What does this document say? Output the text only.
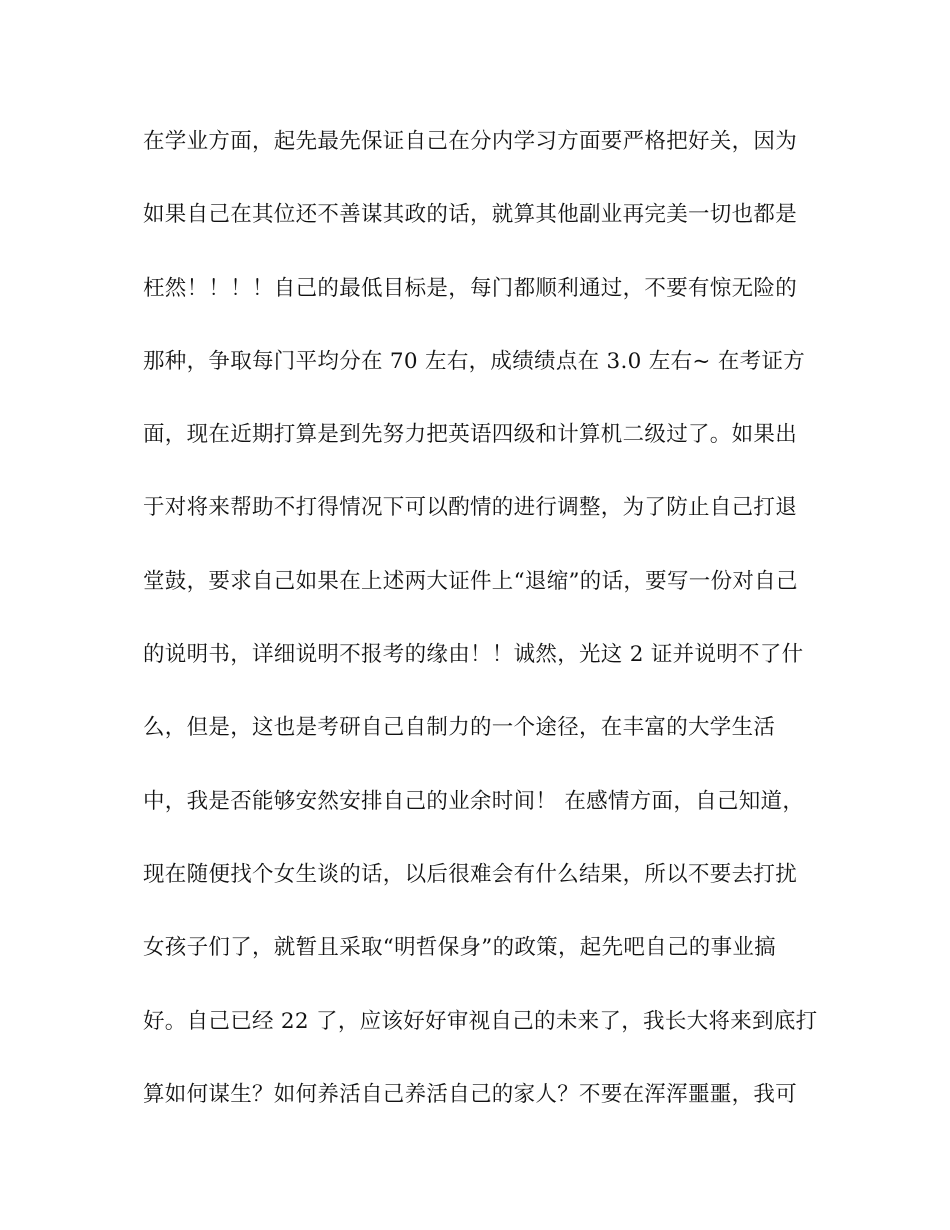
在学业方面，起先最先保证自己在分内学习方面要严格把好关，因为
如果自己在其位还不善谋其政的话，就算其他副业再完美一切也都是
枉然！！！！自己的最低目标是，每门都顺利通过，不要有惊无险的
那种，争取每门平均分在 70 左右，成绩绩点在 3.0 左右~ 在考证方
面，现在近期打算是到先努力把英语四级和计算机二级过了。如果出
于对将来帮助不打得情况下可以酌情的进行调整，为了防止自己打退
堂鼓，要求自己如果在上述两大证件上“退缩”的话，要写一份对自己
的说明书，详细说明不报考的缘由！！诚然，光这 2 证并说明不了什
么，但是，这也是考研自己自制力的一个途径，在丰富的大学生活
中，我是否能够安然安排自己的业余时间！ 在感情方面，自己知道，
现在随便找个女生谈的话，以后很难会有什么结果，所以不要去打扰
女孩子们了，就暂且采取“明哲保身”的政策，起先吧自己的事业搞
好。自己已经 22 了，应该好好审视自己的未来了，我长大将来到底打
算如何谋生？如何养活自己养活自己的家人？不要在浑浑噩噩，我可
